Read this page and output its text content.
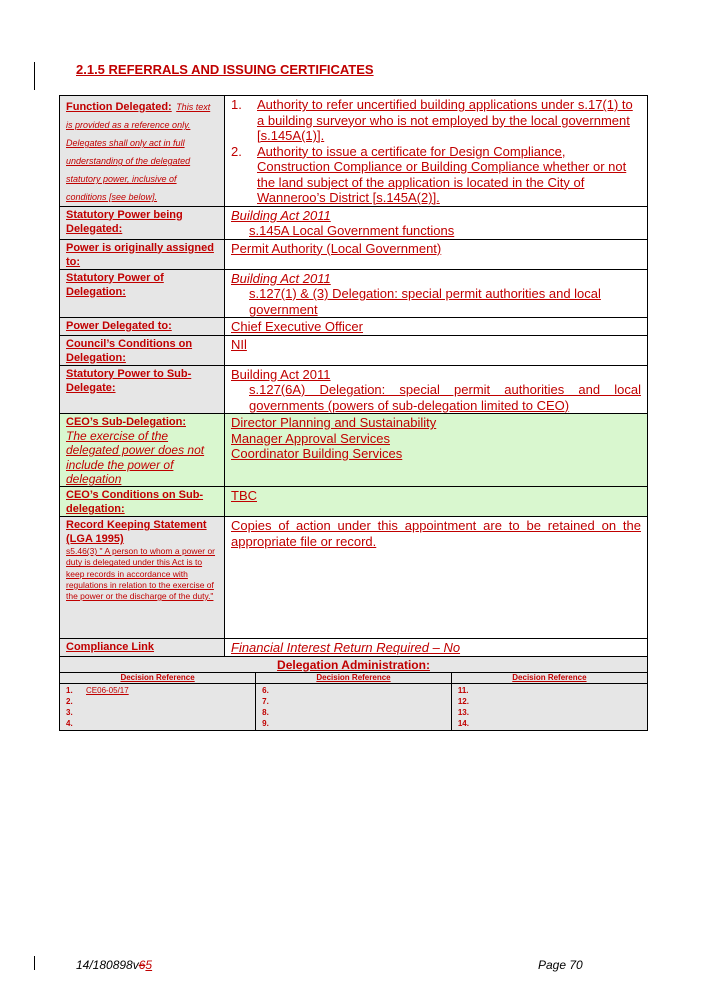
2.1.5 REFERRALS AND ISSUING CERTIFICATES
Function Delegated: This text is provided as a reference only. Delegates shall only act in full understanding of the delegated statutory power, inclusive of conditions [see below].	
1. Authority to refer uncertified building applications under s.17(1) to a building surveyor who is not employed by the local government [s.145A(1)].
2. Authority to issue a certificate for Design Compliance, Construction Compliance or Building Compliance whether or not the land subject of the application is located in the City of Wanneroo’s District [s.145A(2)].

Statutory Power being Delegated:

Building Act 2011
s.145A Local Government functions

Power is originally assigned to:
	Permit Authority (Local Government)

Statutory Power of Delegation:

Building Act 2011
s.127(1) & (3) Delegation: special permit authorities and local government

Power Delegated to:	Chief Executive Officer

Council’s Conditions on Delegation:
	NIl

Statutory Power to Sub-Delegate:

Building Act 2011
s.127(6A) Delegation: special permit authorities and local governments (powers of sub-delegation limited to CEO)

CEO’s Sub-Delegation:
The exercise of the delegated power does not include the power of delegation

Director Planning and Sustainability
Manager Approval Services
Coordinator Building Services

CEO’s Conditions on Sub-delegation:
	TBC

Record Keeping Statement (LGA 1995)
s5.46(3) " A person to whom a power or duty is delegated under this Act is to keep records in accordance with regulations in relation to the exercise of the power or the discharge of the duty."
	Copies of action under this appointment are to be retained on the appropriate file or record.

Compliance Link	Financial Interest Return Required – No
Delegation Administration:

Decision Reference
1. CE06-05/17
2.
3.
4.

Decision Reference
6.
7.
8.
9.

Decision Reference
11.
12.
13.
14.
14/180898v65	Page 70
